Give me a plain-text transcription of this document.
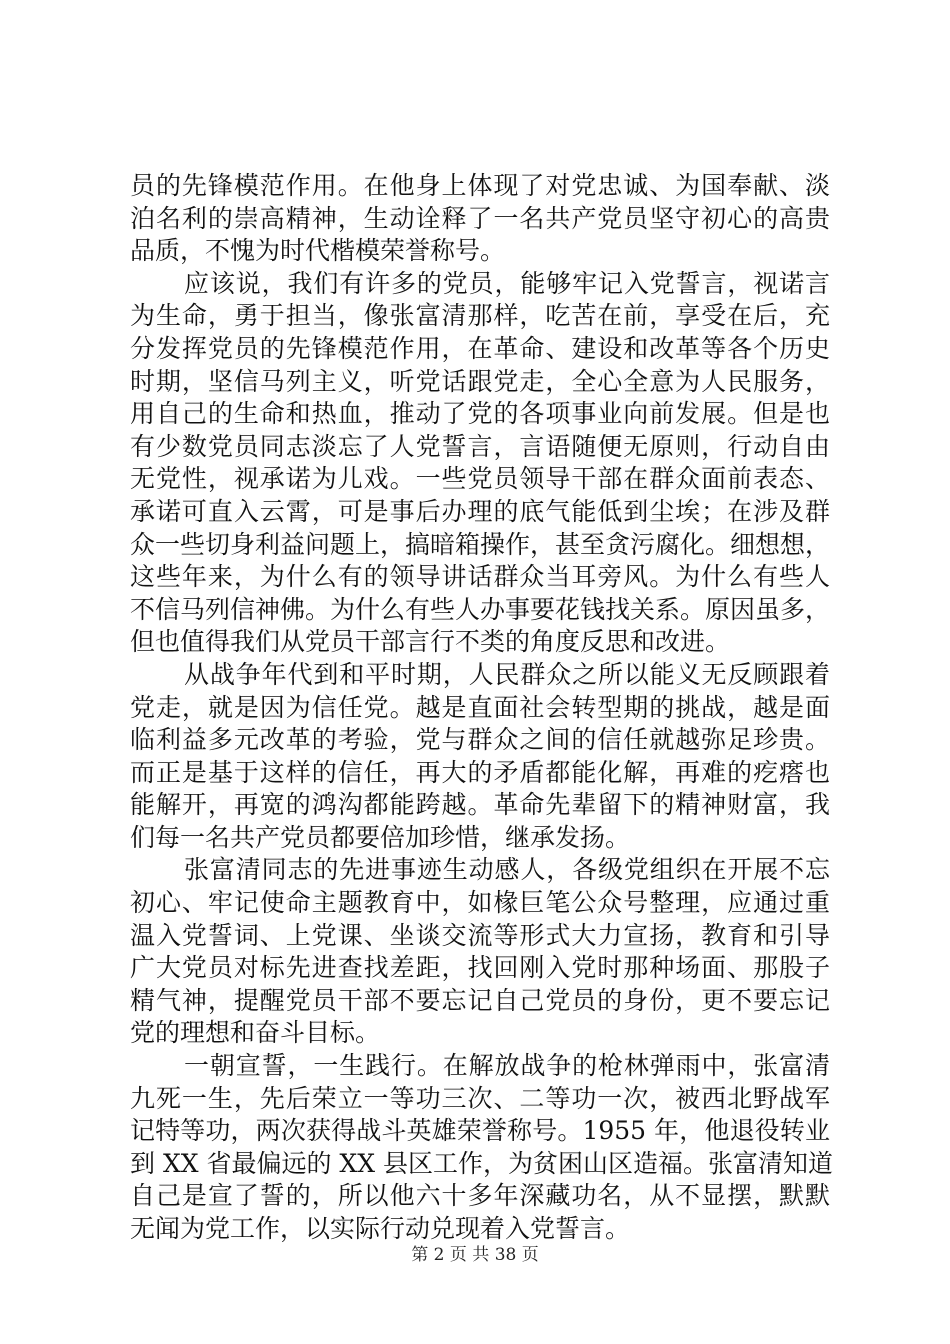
员的先锋模范作用。在他身上体现了对党忠诚、为国奉献、淡
泊名利的崇高精神，生动诠释了一名共产党员坚守初心的高贵
品质，不愧为时代楷模荣誉称号。
应该说，我们有许多的党员，能够牢记入党誓言，视诺言
为生命，勇于担当，像张富清那样，吃苦在前，享受在后，充
分发挥党员的先锋模范作用，在革命、建设和改革等各个历史
时期，坚信马列主义，听党话跟党走，全心全意为人民服务，
用自己的生命和热血，推动了党的各项事业向前发展。但是也
有少数党员同志淡忘了人党誓言，言语随便无原则，行动自由
无党性，视承诺为儿戏。一些党员领导干部在群众面前表态、
承诺可直入云霄，可是事后办理的底气能低到尘埃；在涉及群
众一些切身利益问题上，搞暗箱操作，甚至贪污腐化。细想想，
这些年来，为什么有的领导讲话群众当耳旁风。为什么有些人
不信马列信神佛。为什么有些人办事要花钱找关系。原因虽多，
但也值得我们从党员干部言行不类的角度反思和改进。
从战争年代到和平时期，人民群众之所以能义无反顾跟着
党走，就是因为信任党。越是直面社会转型期的挑战，越是面
临利益多元改革的考验，党与群众之间的信任就越弥足珍贵。
而正是基于这样的信任，再大的矛盾都能化解，再难的疙瘩也
能解开，再宽的鸿沟都能跨越。革命先辈留下的精神财富，我
们每一名共产党员都要倍加珍惜，继承发扬。
张富清同志的先进事迹生动感人，各级党组织在开展不忘
初心、牢记使命主题教育中，如椽巨笔公众号整理，应通过重
温入党誓词、上党课、坐谈交流等形式大力宣扬，教育和引导
广大党员对标先进查找差距，找回刚入党时那种场面、那股子
精气神，提醒党员干部不要忘记自己党员的身份，更不要忘记
党的理想和奋斗目标。
一朝宣誓，一生践行。在解放战争的枪林弹雨中，张富清
九死一生，先后荣立一等功三次、二等功一次，被西北野战军
记特等功，两次获得战斗英雄荣誉称号。1955 年，他退役转业
到 XX 省最偏远的 XX 县区工作，为贫困山区造福。张富清知道
自己是宣了誓的，所以他六十多年深藏功名，从不显摆，默默
无闻为党工作，以实际行动兑现着入党誓言。
第 2 页 共 38 页
